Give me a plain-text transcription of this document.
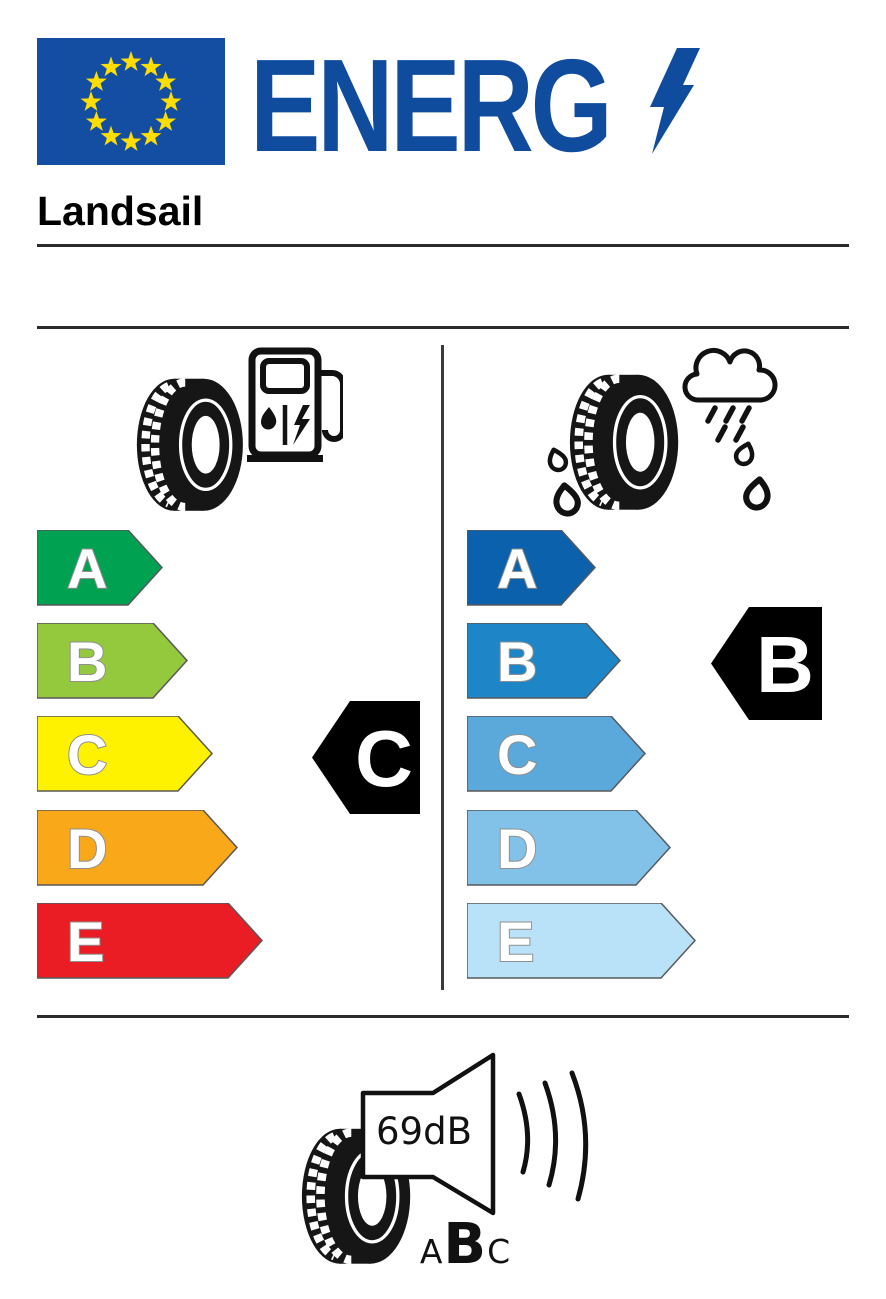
ENERG
Landsail
A
B
C
D
E
C
A
B
C
D
E
B
69dB
A B C
